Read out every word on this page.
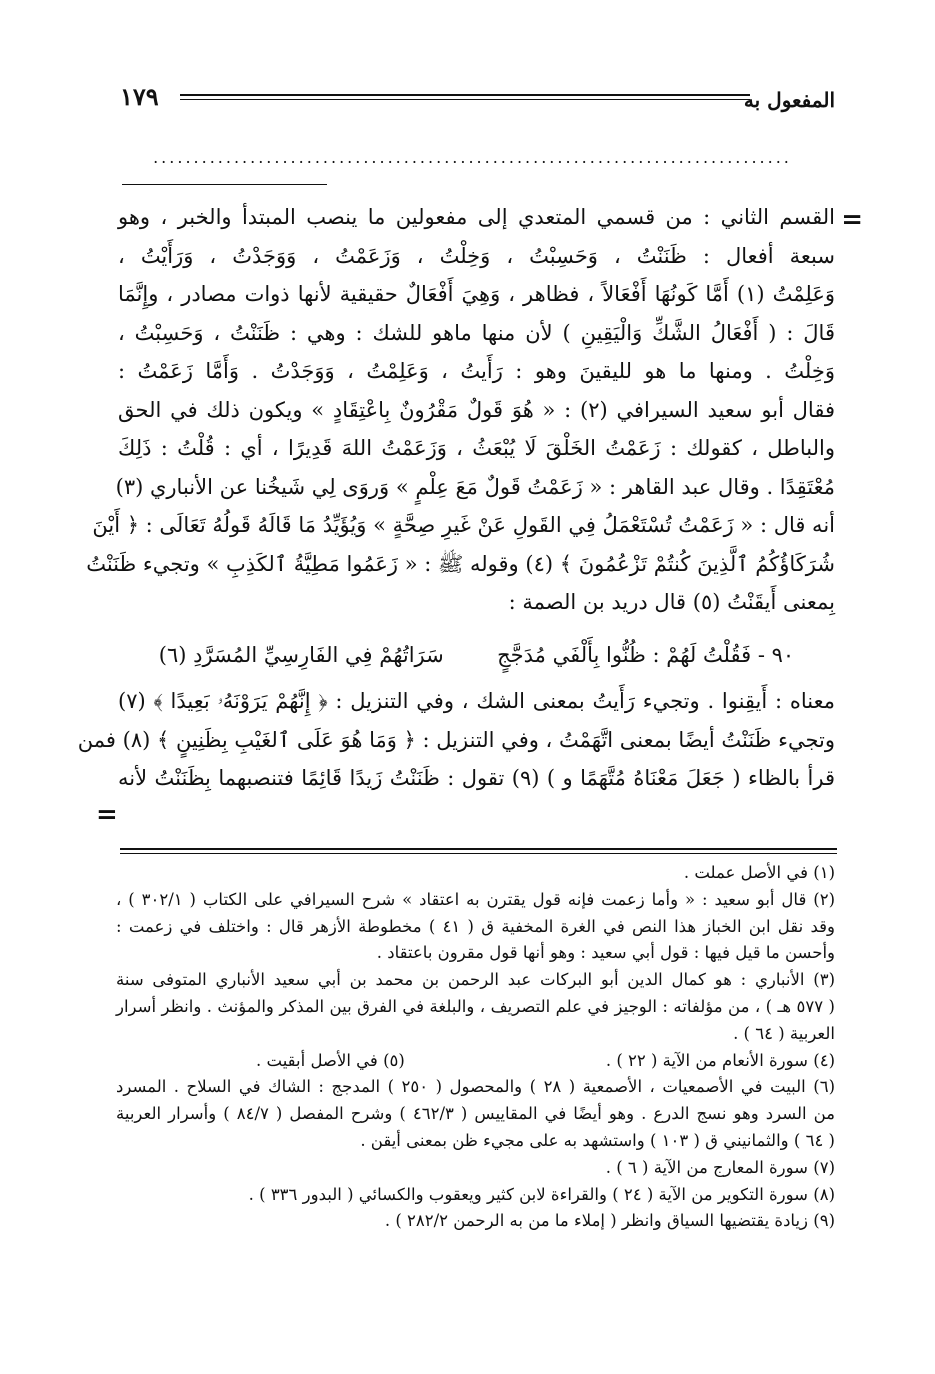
المفعول به
١٧٩
...............................................................................
=
=

القسم الثاني : من قسمي المتعدي إلى مفعولين ما ينصب المبتدأ والخبر ، وهو

سبعة أفعال : ظَنَنْتُ ، وَحَسِبْتُ ، وَخِلْتُ ، وَزَعَمْتُ ، وَوَجَدْتُ ، وَرَأَيْتُ ،

وَعَلِمْتُ (١) أَمَّا كَونُهَا أَفْعَالاً ، فظاهر ، وَهِيَ أَفْعَالٌ حقيقية لأنها ذوات مصادر ، وإِنَّمَا

قَالَ : ( أَفْعَالُ الشَّكِّ وَالْيَقِينِ ) لأن منها ماهو للشك : وهي : ظَنَنْتُ ، وَحَسِبْتُ ،

وَخِلْتُ . ومنها ما هو لليقينَ وهو : رَأَيتُ ، وَعَلِمْتُ ، وَوَجَدْتُ . وَأَمَّا زَعَمْتُ :

فقال أبو سعيد السيرافي (٢) : « هُوَ قَولٌ مَقْرُونٌ بِاعْتِقَادٍ » ويكون ذلك في الحق

والباطل ، كقولك : زَعَمْتُ الخَلْقَ لَا يُبْعَثُ ، وَزَعَمْتُ اللهَ قَدِيرًا ، أي : قُلْتُ : ذَلِكَ

مُعْتَقِدًا . وقال عبد القاهر : « زَعَمْتُ قَولٌ مَعَ عِلْمٍ » وَروَى لِي شَيخُنا عن الأنباري (٣)

أنه قال : « زَعَمْتُ تُسْتَعْمَلُ فِي القَولِ عَنْ غَيرِ صِحَّةٍ » وَيُؤَيِّدُ مَا قَالَهُ قَولُهُ تَعَالَى : ﴿ أَيْنَ

شُرَكَاؤُكُمُ ٱلَّذِينَ كُنتُمْ تَزْعُمُونَ ﴾ (٤) وقوله ﷺ : « زَعَمُوا مَطِيَّةُ ٱلكَذِبِ » وتجيء ظَنَنْتُ

بِمعنى أَيقَنْتُ (٥) قال دريد بن الصمة :

٩٠ - فَقُلْتُ لَهُمْ : ظُنُّوا بِأَلْفَي مُدَجَّجٍ  سَرَاتُهُمْ فِي الفَارِسِيِّ المُسَرَّدِ (٦)

معناه : أَيقِنوا . وتجيء رَأَيتُ بمعنى الشك ، وفي التنزيل : ﴿ إِنَّهُمْ يَرَوْنَهُۥ بَعِيدًا ﴾ (٧)

وتجيء ظَنَنْتُ أيضًا بمعنى اتَّهَمْتُ ، وفي التنزيل : ﴿ وَمَا هُوَ عَلَى ٱلغَيْبِ بِظَنِينٍ ﴾ (٨) فمن

قرأ بالظاء ( جَعَلَ مَعْنَاهُ مُتَّهَمًا و ) (٩) تقول : ظَنَنْتُ زَيدًا قَائِمًا فتنصبهما بِظَنَنْتُ لأنه

(١) في الأصل عملت .

(٢) قال أبو سعيد : « وأما زعمت فإنه قول يقترن به اعتقاد » شرح السيرافي على الكتاب ( ٣٠٢/١ ) ،

وقد نقل ابن الخباز هذا النص في الغرة المخفية ق ( ٤١ ) مخطوطة الأزهر قال : واختلف في زعمت :

وأحسن ما قيل فيها : قول أبي سعيد : وهو أنها قول مقرون باعتقاد .

(٣) الأنباري : هو كمال الدين أبو البركات عبد الرحمن بن محمد بن أبي سعيد الأنباري المتوفى سنة

( ٥٧٧ هـ ) ، من مؤلفاته : الوجيز في علم التصريف ، والبلغة في الفرق بين المذكر والمؤنث . وانظر أسرار

العربية ( ٦٤ ) .

(٤) سورة الأنعام من الآية ( ٢٢ ) .
(٥) في الأصل أبقيت .

(٦) البيت في الأصمعيات ، الأصمعية ( ٢٨ ) والمحصول ( ٢٥٠ ) المدجج : الشاك في السلاح . المسرد

من السرد وهو نسج الدرع . وهو أيضًا في المقاييس ( ٤٦٢/٣ ) وشرح المفصل ( ٨٤/٧ ) وأسرار العربية

( ٦٤ ) والثمانيني ق ( ١٠٣ ) واستشهد به على مجيء ظن بمعنى أيقن .

(٧) سورة المعارج من الآية ( ٦ ) .

(٨) سورة التكوير من الآية ( ٢٤ ) والقراءة لابن كثير ويعقوب والكسائي ( البدور ٣٣٦ ) .

(٩) زيادة يقتضيها السياق وانظر ( إملاء ما من به الرحمن ٢٨٢/٢ ) .
